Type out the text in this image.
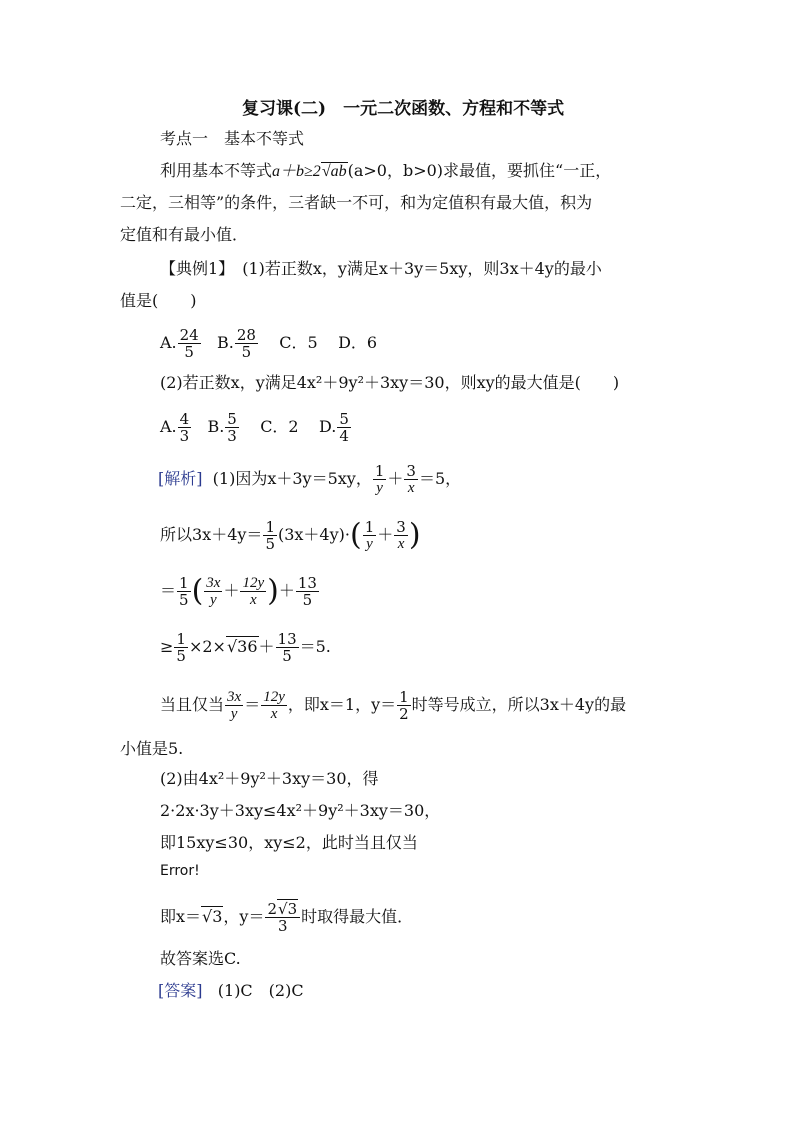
复习课(二)　一元二次函数、方程和不等式
考点一　基本不等式
利用基本不等式a＋b≥2√ab(a>0，b>0)求最值，要抓住“一正，
二定，三相等”的条件，三者缺一不可，和为定值积有最大值，积为
定值和有最小值．
【典例1】　 (1)若正数x，y满足x＋3y＝5xy，则3x＋4y的最小
值是(　　)
A. $\frac{24}{5} B$. $\frac{28}{5}$ C．5 D．6
(2)若正数x，y满足4x²＋9y²＋3xy＝30，则xy的最大值是(　　)
A. $\frac{4}{3} B$. $\frac{5}{3}$ C．2 D. $\frac{5}{4}$
[解析] (1)因为x＋3y＝5xy， $\frac{1}{y} + \frac{3}{x} =5$，
所以$3x+4y= \frac{1}{5} (3x+4y)\cdot( \frac{1}{y} + \frac{3}{x}$ )
＝ $\frac{1}{5}$ ( $\frac{3x}{y} + \frac{12y}{x}$ )＋ $\frac{13}{5}$
≥ $\frac{1}{5} \times 2\times√36+ \frac{13}{5} =5$.
当且仅当 $\frac{3x}{y} = \frac{12y}{x}$ ，即x＝1，$y= \frac{1}{2}$ 时等号成立，所以3x＋4y的最
小值是5.
(2)由4x²＋9y²＋3xy＝30，得
2·2x·3y＋3xy≤4x²＋9y²＋3xy＝30，
即15xy≤30，xy≤2，此时当且仅当
Error!
即x＝√3，$y= \frac{2√3}{3}$ 时取得最大值．
故答案选C.
[答案] (1)C　(2)C
